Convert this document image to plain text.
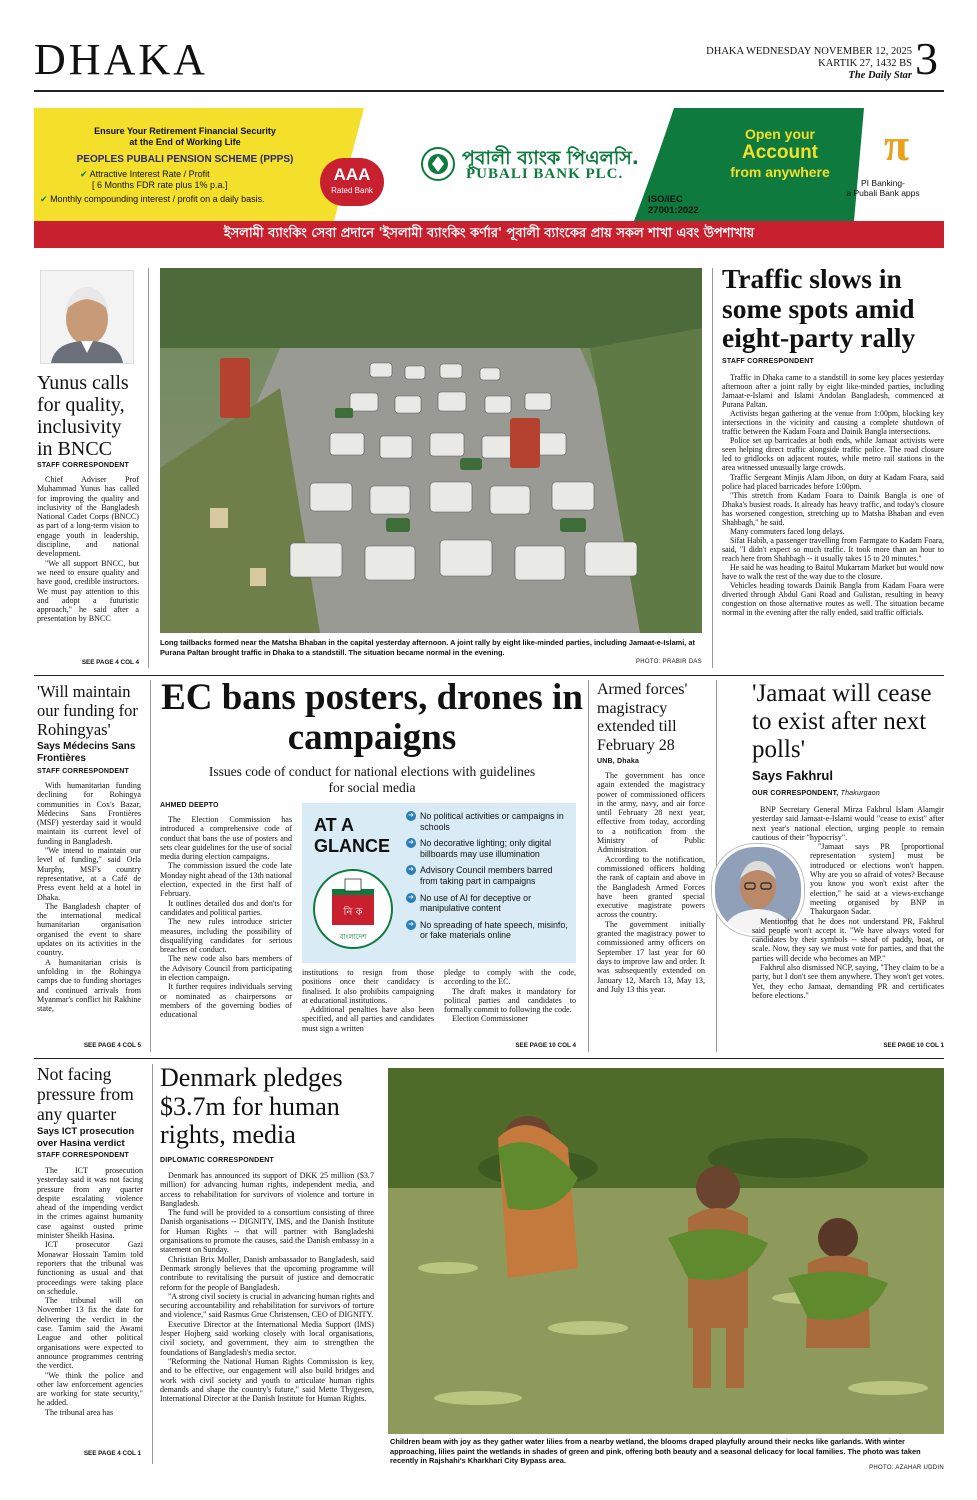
DHAKA	DHAKA WEDNESDAY NOVEMBER 12, 2025
KARTIK 27, 1432 BS
The Daily Star 3
Ensure Your Retirement Financial Security
at the End of Working Life
PEOPLES PUBALI PENSION SCHEME (PPPS)
✔ Attractive Interest Rate / Profit
[ 6 Months FDR rate plus 1% p.a.]
✔ Monthly compounding interest / profit on a daily basis.
AAA
Rated Bank
পূবালী ব্যাংক পিএলসি.
PUBALI BANK PLC.
ISO/IEC
27001:2022
Open your
Account
from anywhere
π
PI Banking-
a Pubali Bank apps
ইসলামী ব্যাংকিং সেবা প্রদানে 'ইসলামী ব্যাংকিং কর্ণার' পূবালী ব্যাংকের প্রায় সকল শাখা এবং উপশাখায়
Yunus calls for quality, inclusivity in BNCC
STAFF CORRESPONDENT

Chief Adviser Prof Muhammad Yunus has called for improving the quality and inclusivity of the Bangladesh National Cadet Corps (BNCC) as part of a long-term vision to engage youth in leadership, discipline, and national development.

"We all support BNCC, but we need to ensure quality and have good, credible instructors. We must pay attention to this and adopt a futuristic approach," he said after a presentation by BNCC

SEE PAGE 4 COL 4
Long tailbacks formed near the Matsha Bhaban in the capital yesterday afternoon. A joint rally by eight like-minded parties, including Jamaat-e-Islami, at Purana Paltan brought traffic in Dhaka to a standstill. The situation became normal in the evening.
PHOTO: PRABIR DAS
Traffic slows in some spots amid eight-party rally
STAFF CORRESPONDENT

Traffic in Dhaka came to a standstill in some key places yesterday afternoon after a joint rally by eight like-minded parties, including Jamaat-e-Islami and Islami Andolan Bangladesh, commenced at Purana Paltan.

Activists began gathering at the venue from 1:00pm, blocking key intersections in the vicinity and causing a complete shutdown of traffic between the Kadam Foara and Dainik Bangla intersections.

Police set up barricades at both ends, while Jamaat activists were seen helping direct traffic alongside traffic police. The road closure led to gridlocks on adjacent routes, while metro rail stations in the area witnessed unusually large crowds.

Traffic Sergeant Minjis Alam Jibon, on duty at Kadam Foara, said police had placed barricades before 1:00pm.

"This stretch from Kadam Foara to Dainik Bangla is one of Dhaka's busiest roads. It already has heavy traffic, and today's closure has worsened congestion, stretching up to Matsha Bhaban and even Shahbagh," he said.

Many commuters faced long delays.

Sifat Habib, a passenger travelling from Farmgate to Kadam Foara, said, "I didn't expect so much traffic. It took more than an hour to reach here from Shahbagh -- it usually takes 15 to 20 minutes."

He said he was heading to Baitul Mukarram Market but would now have to walk the rest of the way due to the closure.

Vehicles heading towards Dainik Bangla from Kadam Foara were diverted through Abdul Gani Road and Gulistan, resulting in heavy congestion on those alternative routes as well. The situation became normal in the evening after the rally ended, said traffic officials.

'Will maintain our funding for Rohingyas'
Says Médecins Sans Frontières
STAFF CORRESPONDENT

With humanitarian funding declining for Rohingya communities in Cox's Bazar, Médecins Sans Frontières (MSF) yesterday said it would maintain its current level of funding in Bangladesh.

"We intend to maintain our level of funding," said Orla Murphy, MSF's country representative, at a Café de Press event held at a hotel in Dhaka.

The Bangladesh chapter of the international medical humanitarian organisation organised the event to share updates on its activities in the country.

A humanitarian crisis is unfolding in the Rohingya camps due to funding shortages and continued arrivals from Myanmar's conflict hit Rakhine state,

SEE PAGE 4 COL 5
EC bans posters, drones in campaigns
Issues code of conduct for national elections with guidelines for social media
AHMED DEEPTO

The Election Commission has introduced a comprehensive code of conduct that bans the use of posters and sets clear guidelines for the use of social media during election campaigns.

The commission issued the code late Monday night ahead of the 13th national election, expected in the first half of February.

It outlines detailed dos and don'ts for candidates and political parties.

The new rules introduce stricter measures, including the possibility of disqualifying candidates for serious breaches of conduct.

The new code also bars members of the Advisory Council from participating in election campaign.

It further requires individuals serving or nominated as chairpersons or members of the governing bodies of educational

AT A
GLANCE
নি ক
বাংলাদেশ
➜ No political activities or campaigns in schools
➜ No decorative lighting; only digital billboards may use illumination
➜ Advisory Council members barred from taking part in campaigns
➜ No use of AI for deceptive or manipulative content
➜ No spreading of hate speech, misinfo, or fake materials online

institutions to resign from those positions once their candidacy is finalised. It also prohibits campaigning at educational institutions.

Additional penalties have also been specified, and all parties and candidates must sign a written

pledge to comply with the code, according to the EC.

The draft makes it mandatory for political parties and candidates to formally commit to following the code.

Election Commissioner

SEE PAGE 10 COL 4
Armed forces' magistracy extended till February 28
UNB, Dhaka

The government has once again extended the magistracy power of commissioned officers in the army, navy, and air force until February 28 next year, effective from today, according to a notification from the Ministry of Public Administration.

According to the notification, commissioned officers holding the rank of captain and above in the Bangladesh Armed Forces have been granted special executive magistrate powers across the country.

The government initially granted the magistracy power to commissioned army officers on September 17 last year for 60 days to improve law and order. It was subsequently extended on January 12, March 13, May 13, and July 13 this year.

'Jamaat will cease to exist after next polls'
Says Fakhrul
OUR CORRESPONDENT, Thakurgaon

BNP Secretary General Mirza Fakhrul Islam Alamgir yesterday said Jamaat-e-Islami would "cease to exist" after next year's national election, urging people to remain cautious of their "hypocrisy".

"Jamaat says PR [proportional representation system] must be introduced or elections won't happen. Why are you so afraid of votes? Because you know you won't exist after the election," he said at a views-exchange meeting organised by BNP in Thakurgaon Sadar.

Mentioning that he does not understand PR, Fakhrul said people won't accept it. "We have always voted for candidates by their symbols -- sheaf of paddy, boat, or scale. Now, they say we must vote for parties, and that the parties will decide who becomes an MP."

Fakhrul also dismissed NCP, saying, "They claim to be a party, but I don't see them anywhere. They won't get votes. Yet, they echo Jamaat, demanding PR and certificates before elections."

SEE PAGE 10 COL 1
Not facing pressure from any quarter
Says ICT prosecution over Hasina verdict
STAFF CORRESPONDENT

The ICT prosecution yesterday said it was not facing pressure from any quarter despite escalating violence ahead of the impending verdict in the crimes against humanity case against ousted prime minister Sheikh Hasina.

ICT prosecutor Gazi Monawar Hossain Tamim told reporters that the tribunal was functioning as usual and that proceedings were taking place on schedule.

The tribunal will on November 13 fix the date for delivering the verdict in the case. Tamim said the Awami League and other political organisations were expected to announce programmes centring the verdict.

"We think the police and other law enforcement agencies are working for state security," he added.

The tribunal area has

SEE PAGE 4 COL 1
Denmark pledges $3.7m for human rights, media
DIPLOMATIC CORRESPONDENT

Denmark has announced its support of DKK 25 million ($3.7 million) for advancing human rights, independent media, and access to rehabilitation for survivors of violence and torture in Bangladesh.

The fund will be provided to a consortium consisting of three Danish organisations -- DIGNITY, IMS, and the Danish Institute for Human Rights -- that will partner with Bangladeshi organisations to promote the causes, said the Danish embassy in a statement on Sunday.

Christian Brix Moller, Danish ambassador to Bangladesh, said Denmark strongly believes that the upcoming programme will contribute to revitalising the pursuit of justice and democratic reform for the people of Bangladesh.

"A strong civil society is crucial in advancing human rights and securing accountability and rehabilitation for survivors of torture and violence," said Rasmus Grue Christensen, CEO of DIGNITY.

Executive Director at the International Media Support (IMS) Jesper Hojberg said working closely with local organisations, civil society, and government, they aim to strengthen the foundations of Bangladesh's media sector.

"Reforming the National Human Rights Commission is key, and to be effective, our engagement will also build bridges and work with civil society and youth to articulate human rights demands and shape the country's future," said Mette Thygesen, International Director at the Danish Institute for Human Rights.

Children beam with joy as they gather water lilies from a nearby wetland, the blooms draped playfully around their necks like garlands. With winter approaching, lilies paint the wetlands in shades of green and pink, offering both beauty and a seasonal delicacy for local families. The photo was taken recently in Rajshahi's Kharkhari City Bypass area.
PHOTO: AZAHAR UDDIN
